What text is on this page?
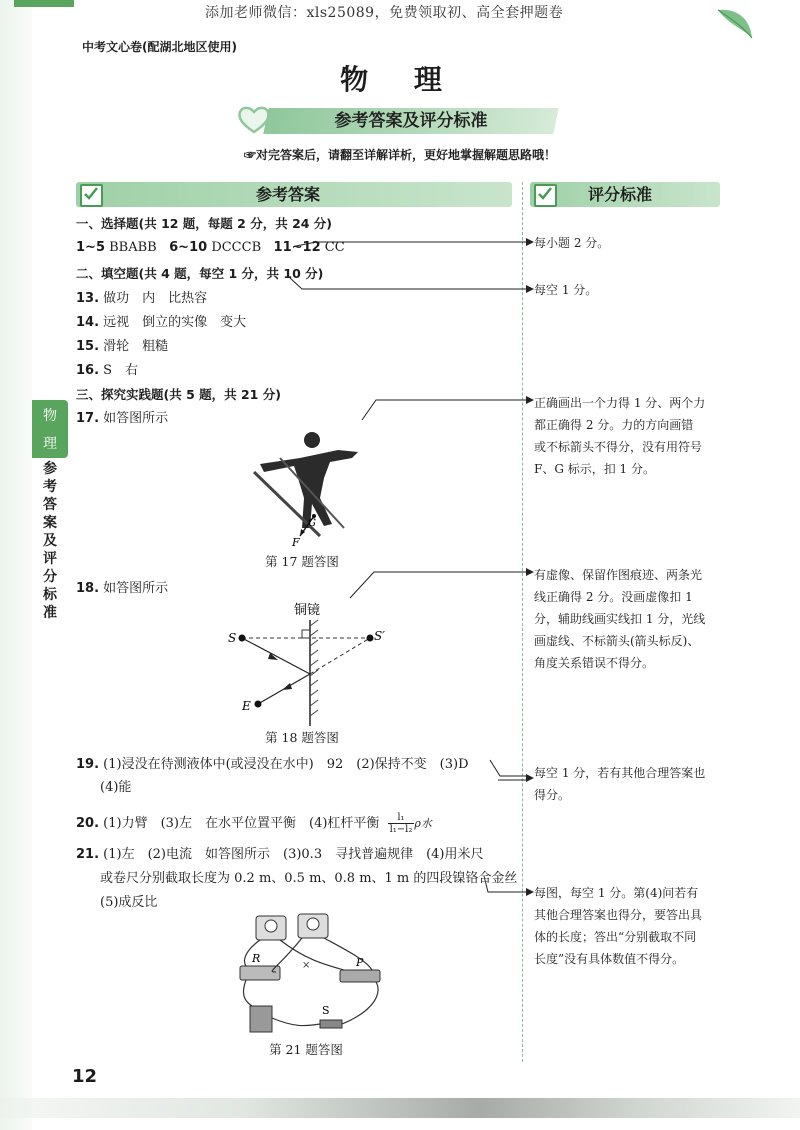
添加老师微信：xls25089，免费领取初、高全套押题卷
中考文心卷(配湖北地区使用)
物 理
参考答案及评分标准
☞对完答案后，请翻至详解详析，更好地掌握解题思路哦！
参考答案	评分标准
物
理
参考答案及评分标准
一、选择题(共 12 题，每题 2 分，共 24 分)
1~5 BBABB 6~10 DCCCB 11~12 CC
二、填空题(共 4 题，每空 1 分，共 10 分)
13. 做功　内　比热容
14. 远视　倒立的实像　变大
15. 滑轮　粗糙
16. S　右
三、探究实践题(共 5 题，共 21 分)
17. 如答图所示
G
F
第 17 题答图
18. 如答图所示
铜镜
S	S′
E
第 18 题答图
19. (1)浸没在待测液体中(或浸没在水中)　92　(2)保持不变　(3)D
(4)能
20. (1)力臂　(3)左　在水平位置平衡　(4)杠杆平衡 $\frac{\text{l₁}}{\text{l₁−l₂}}$ ρ水
21. (1)左　(2)电流　如答图所示　(3)0.3　寻找普遍规律　(4)用米尺
或卷尺分别截取长度为 0.2 m、0.5 m、0.8 m、1 m 的四段镍铬合金丝
(5)成反比
R	P
S
×
第 21 题答图
每小题 2 分。
每空 1 分。
正确画出一个力得 1 分、两个力
都正确得 2 分。力的方向画错
或不标箭头不得分，没有用符号
F、G 标示，扣 1 分。
有虚像、保留作图痕迹、两条光
线正确得 2 分。没画虚像扣 1
分，辅助线画实线扣 1 分，光线
画虚线、不标箭头(箭头标反)、
角度关系错误不得分。
每空 1 分，若有其他合理答案也
得分。
每图，每空 1 分。第(4)问若有
其他合理答案也得分，要答出具
体的长度；答出“分别截取不同
长度”没有具体数值不得分。
12
